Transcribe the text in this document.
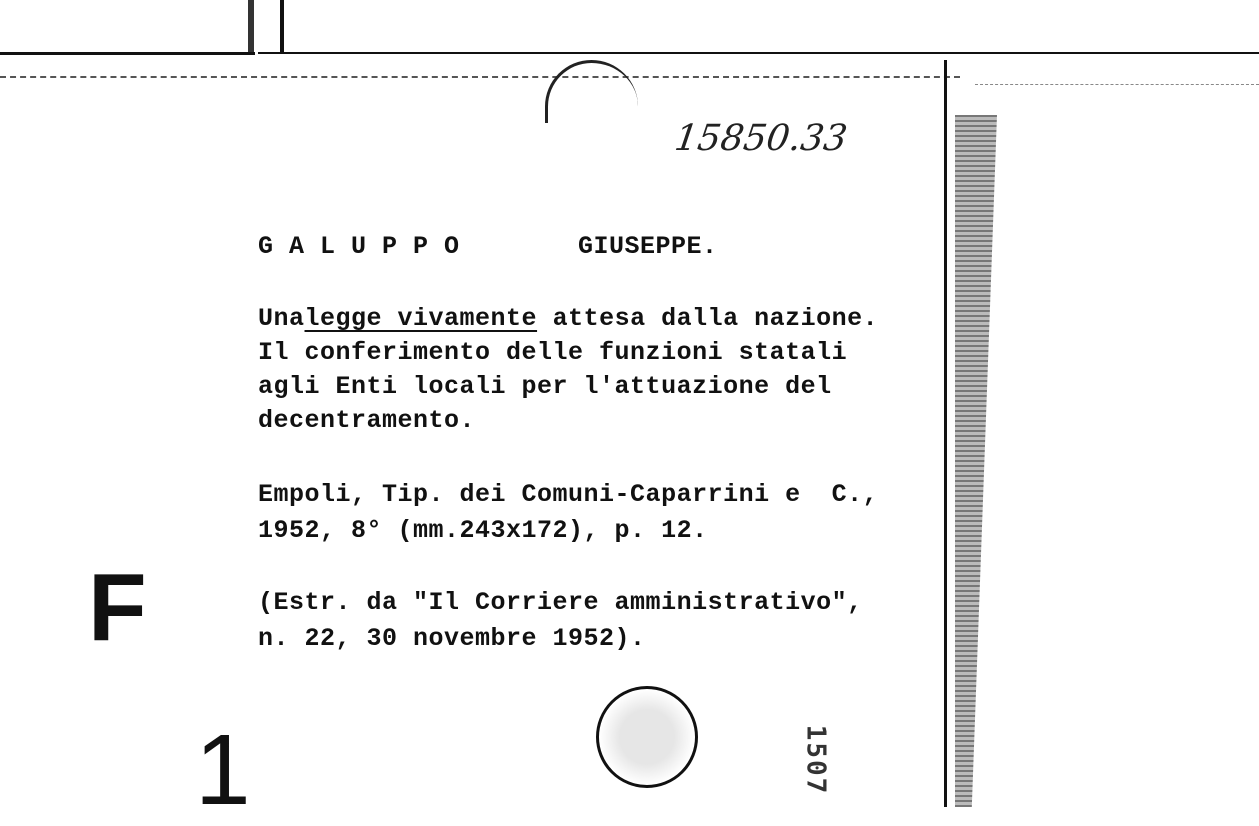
15850.33
G A L U P P O	GIUSEPPE.
Unalegge vivamente attesa dalla nazione.
Il conferimento delle funzioni statali
agli Enti locali per l'attuazione del
decentramento.
Empoli, Tip. dei Comuni-Caparrini e  C.,
1952, 8° (mm.243x172), p. 12.
(Estr. da "Il Corriere amministrativo",
n. 22, 30 novembre 1952).
F
1	1507
